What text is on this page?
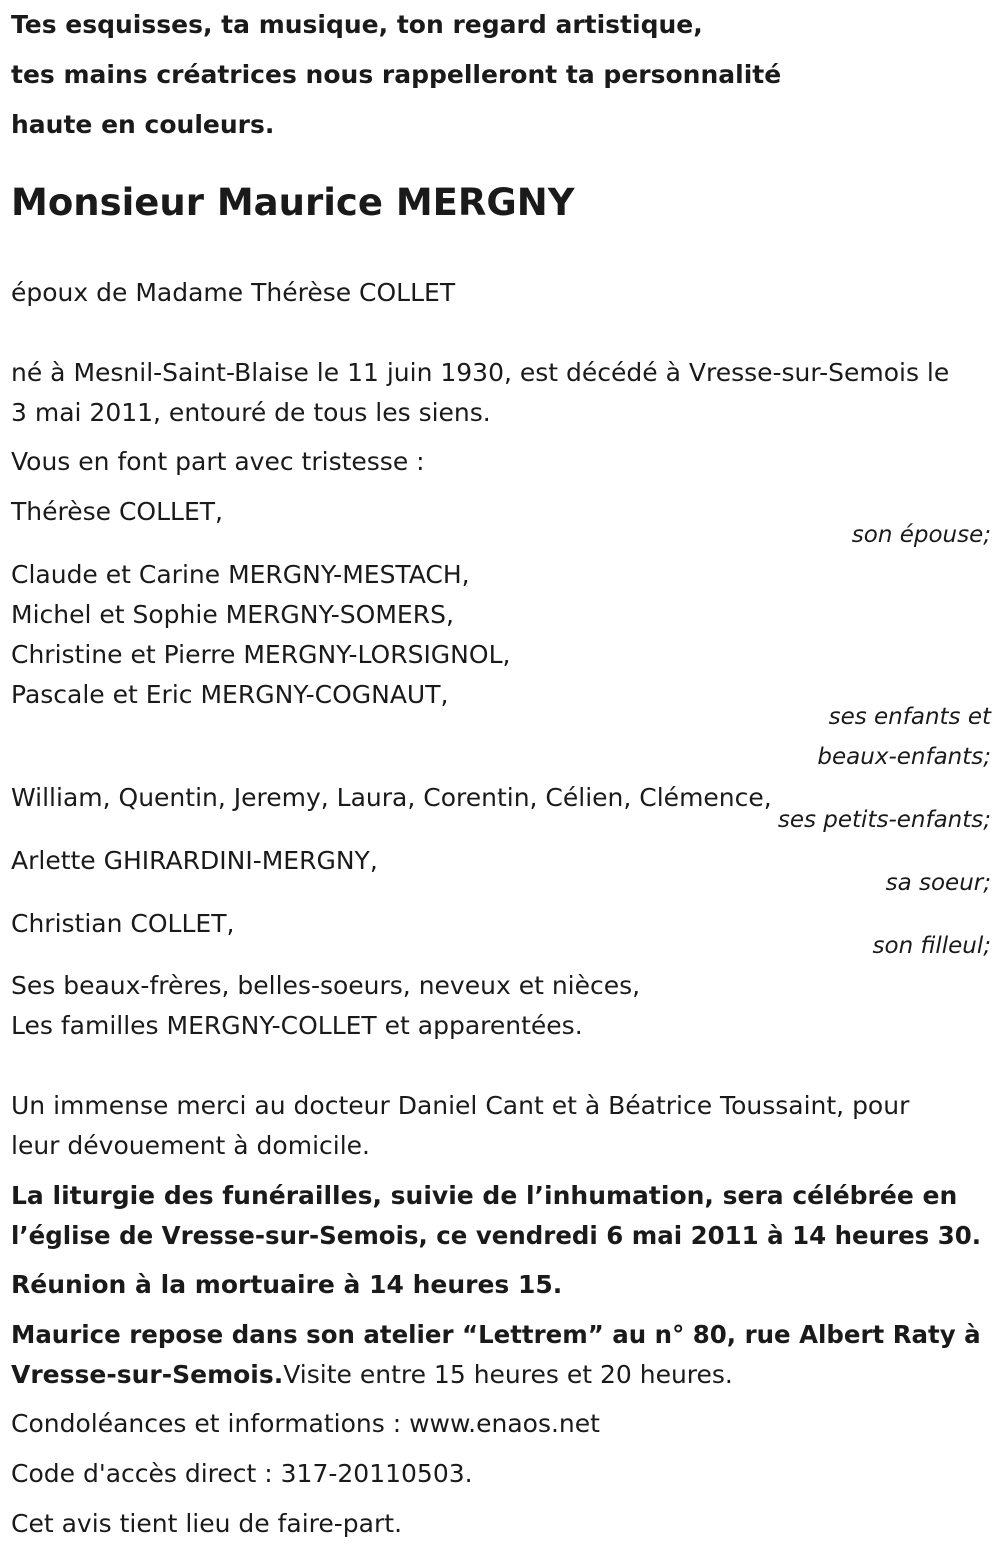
Tes esquisses, ta musique, ton regard artistique,
tes mains créatrices nous rappelleront ta personnalité
haute en couleurs.
Monsieur Maurice MERGNY
époux de Madame Thérèse COLLET
né à Mesnil-Saint-Blaise le 11 juin 1930, est décédé à Vresse-sur-Semois le
3 mai 2011, entouré de tous les siens.
Vous en font part avec tristesse :
Thérèse COLLET,
son épouse;
Claude et Carine MERGNY-MESTACH,
Michel et Sophie MERGNY-SOMERS,
Christine et Pierre MERGNY-LORSIGNOL,
Pascale et Eric MERGNY-COGNAUT,
ses enfants et
beaux-enfants;
William, Quentin, Jeremy, Laura, Corentin, Célien, Clémence,
ses petits-enfants;
Arlette GHIRARDINI-MERGNY,
sa soeur;
Christian COLLET,
son filleul;
Ses beaux-frères, belles-soeurs, neveux et nièces,
Les familles MERGNY-COLLET et apparentées.
Un immense merci au docteur Daniel Cant et à Béatrice Toussaint, pour
leur dévouement à domicile.
La liturgie des funérailles, suivie de l’inhumation, sera célébrée en
l’église de Vresse-sur-Semois, ce vendredi 6 mai 2011 à 14 heures 30.
Réunion à la mortuaire à 14 heures 15.
Maurice repose dans son atelier “Lettrem” au n° 80, rue Albert Raty à
Vresse-sur-Semois.Visite entre 15 heures et 20 heures.
Condoléances et informations : www.enaos.net
Code d'accès direct : 317-20110503.
Cet avis tient lieu de faire-part.
